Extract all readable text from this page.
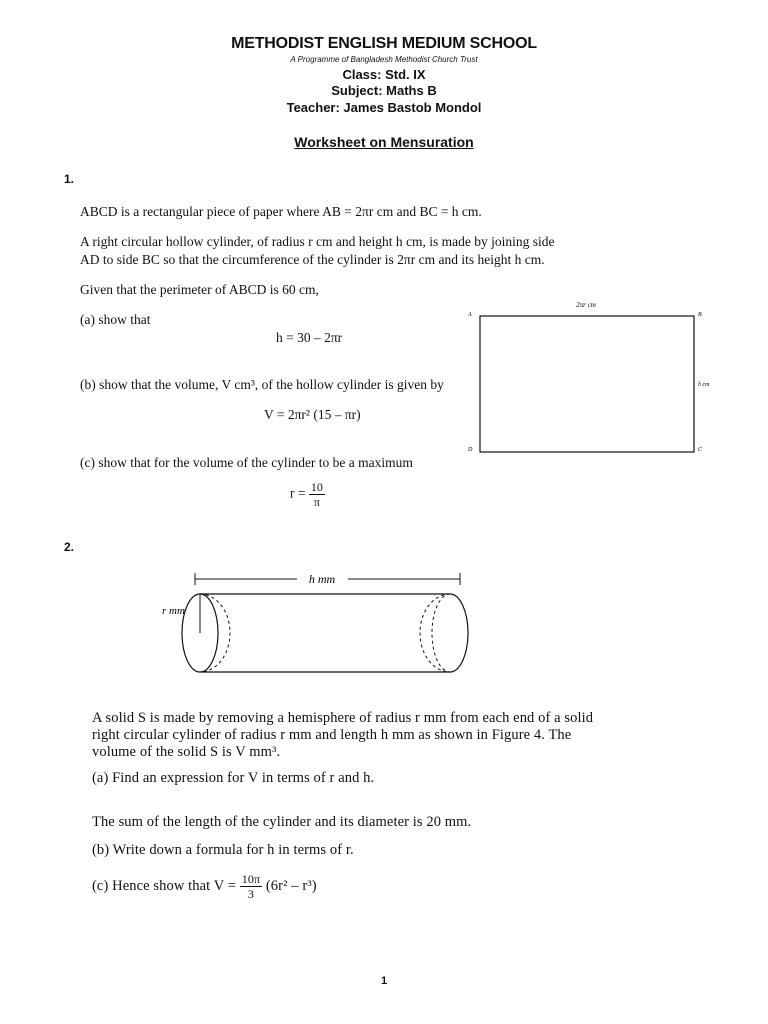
METHODIST ENGLISH MEDIUM SCHOOL
A Programme of Bangladesh Methodist Church Trust
Class: Std. IX
Subject: Maths B
Teacher: James Bastob Mondol
Worksheet on Mensuration
1.
ABCD is a rectangular piece of paper where AB = 2πr cm and BC = h cm.
A right circular hollow cylinder, of radius r cm and height h cm, is made by joining side
AD to side BC so that the circumference of the cylinder is 2πr cm and its height h cm.
Given that the perimeter of ABCD is 60 cm,
(a) show that
h = 30 – 2πr
(b) show that the volume, V cm³, of the hollow cylinder is given by
V = 2πr² (15 – πr)
(c) show that for the volume of the cylinder to be a maximum
$r = \frac{10}{\pi}$
2πr cm
A	B
C
D
h cm
2.
h mm
r mm
A solid S is made by removing a hemisphere of radius r mm from each end of a solid
right circular cylinder of radius r mm and length h mm as shown in Figure 4. The
volume of the solid S is V mm³.
(a) Find an expression for V in terms of r and h.
The sum of the length of the cylinder and its diameter is 20 mm.
(b) Write down a formula for h in terms of r.
(c) Hence show that $V = \frac{10\pi}{3} (6r^2 - r^3)$
1
